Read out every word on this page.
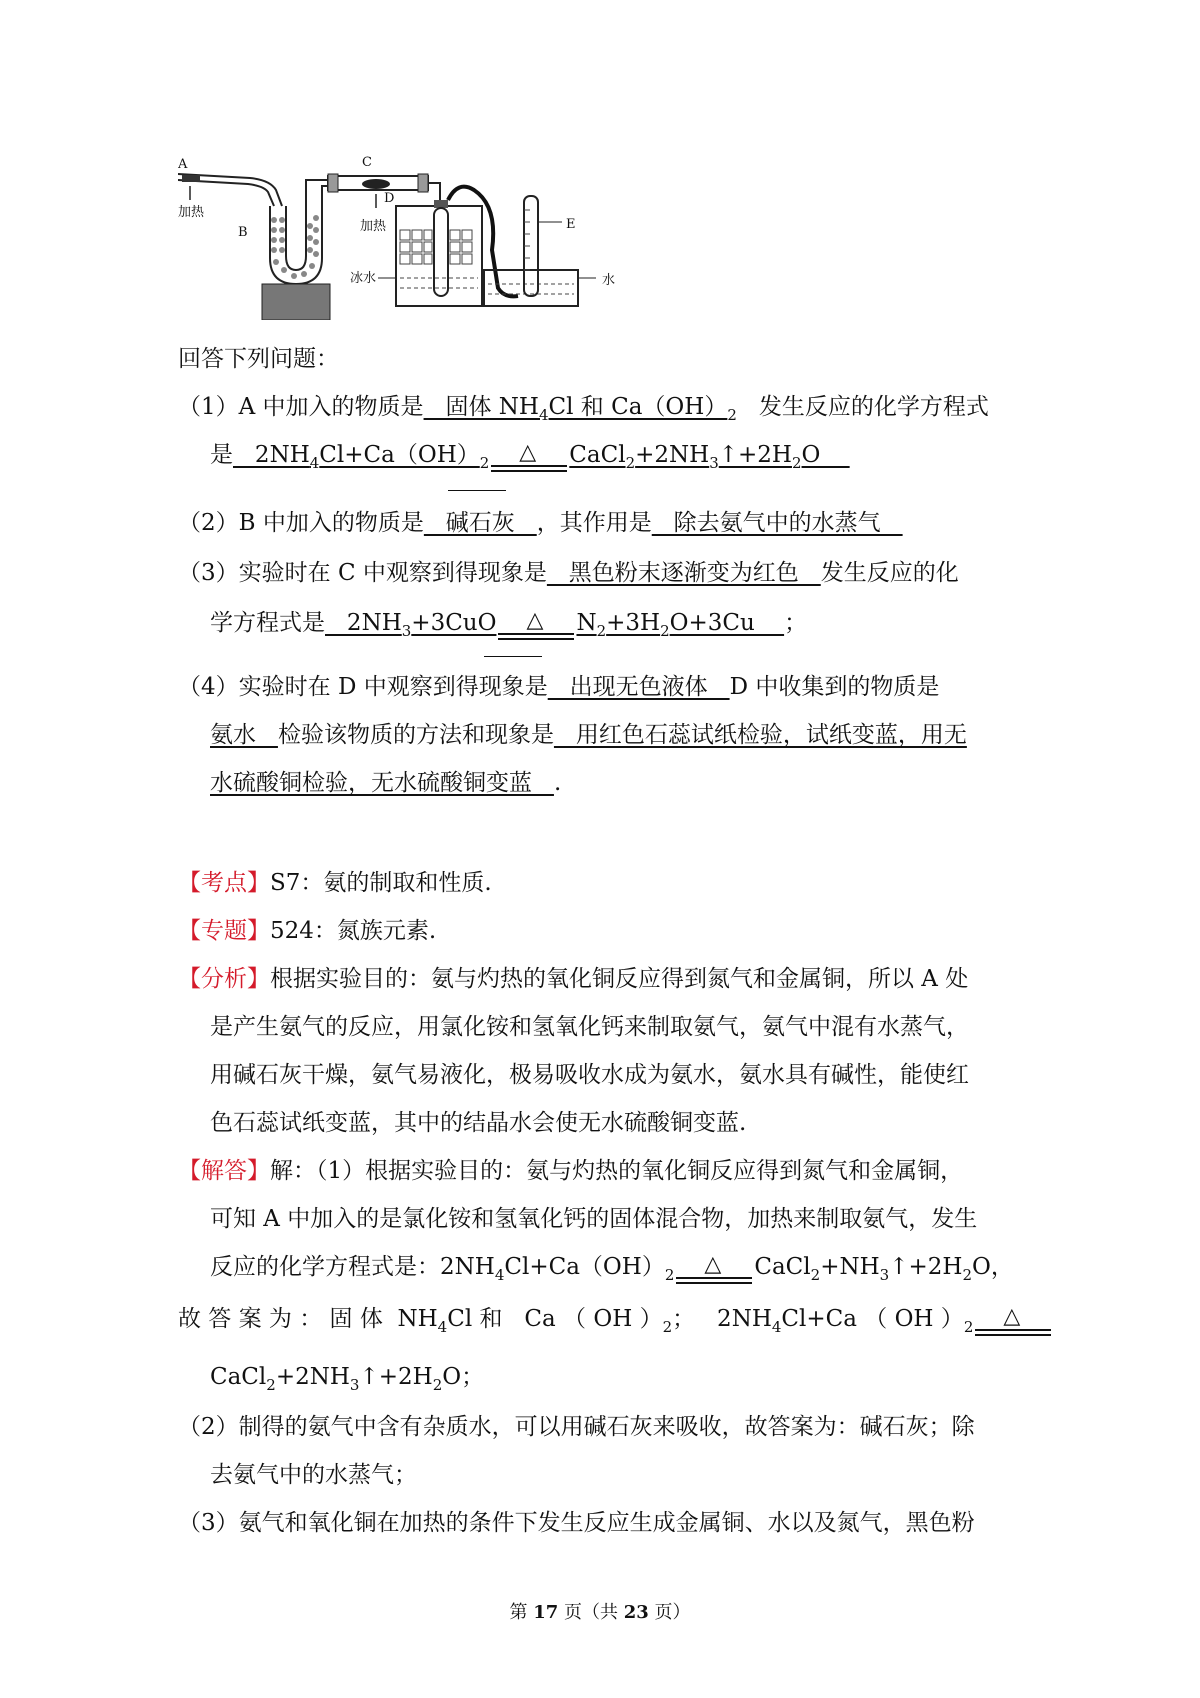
A
加热
B
C
加热
D
冰水
E
水
回答下列问题：
（1）A 中加入的物质是   固体 $NH_4Cl$ 和 $Ca(OH)_2$   发生反应的化学方程式
是   $2NH_4Cl+Ca(OH)_2$ △ $CaCl_2+2NH_3↑+2H_2O$
（2）B 中加入的物质是   碱石灰   ，其作用是   除去氨气中的水蒸气
（3）实验时在 C 中观察到得现象是   黑色粉末逐渐变为红色   发生反应的化
学方程式是   $2NH_3+3CuO$ △ $N_2+3H_2O+3Cu$    ；
（4）实验时在 D 中观察到得现象是   出现无色液体   D 中收集到的物质是
氨水   检验该物质的方法和现象是   用红色石蕊试纸检验，试纸变蓝，用无
水硫酸铜检验，无水硫酸铜变蓝   .
【考点】S7：氨的制取和性质.
【专题】524：氮族元素.
【分析】根据实验目的：氨与灼热的氧化铜反应得到氮气和金属铜，所以 A 处
是产生氨气的反应，用氯化铵和氢氧化钙来制取氨气，氨气中混有水蒸气，
用碱石灰干燥，氨气易液化，极易吸收水成为氨水，氨水具有碱性，能使红
色石蕊试纸变蓝，其中的结晶水会使无水硫酸铜变蓝.
【解答】解：（1）根据实验目的：氨与灼热的氧化铜反应得到氮气和金属铜，
可知 A 中加入的是氯化铵和氢氧化钙的固体混合物，加热来制取氨气，发生
反应的化学方程式是：$2NH_4Cl+Ca(OH)_2$ △ $CaCl_2+NH_3↑+2H_2O$，
故 答 案 为 ： 固 体  $NH_4Cl$ 和   Ca （ OH ）$_2$；   $2NH_4Cl+Ca$ （ OH ）$_2$ △
$CaCl_2+2NH_3↑+2H_2O$；
（2）制得的氨气中含有杂质水，可以用碱石灰来吸收，故答案为：碱石灰；除
去氨气中的水蒸气；
（3）氨气和氧化铜在加热的条件下发生反应生成金属铜、水以及氮气，黑色粉
第 17 页（共 23 页）
